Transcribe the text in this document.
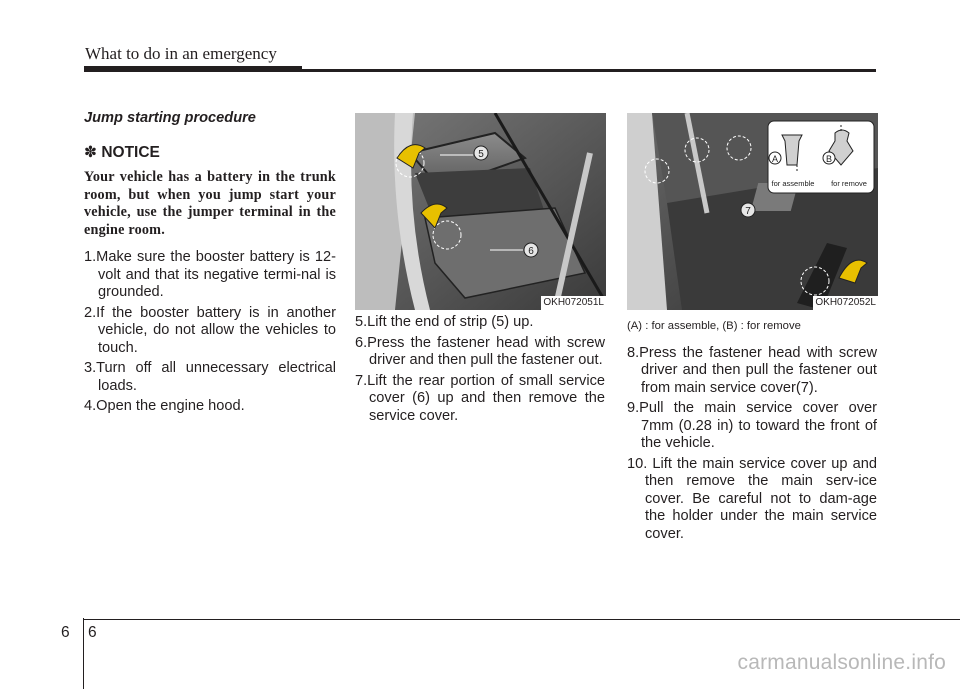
What to do in an emergency
Jump starting procedure
✽ NOTICE

Your vehicle has a battery in the trunk room, but when you jump start your vehicle, use the jumper terminal in the engine room.

1.Make sure the booster battery is 12-volt and that its negative termi-nal is grounded.
2.If the booster battery is in another vehicle, do not allow the vehicles to touch.
3.Turn off all unnecessary electrical loads.
4.Open the engine hood.
5
6
OKH072051L
5.Lift the end of strip (5) up.
6.Press the fastener head with screw driver and then pull the fastener out.
7.Lift the rear portion of small service cover (6) up and then remove the service cover.
7
A	B
for assemble for remove
OKH072052L
(A) : for assemble, (B) : for remove
8.Press the fastener head with screw driver and then pull the fastener out from main service cover(7).
9.Pull the main service cover over 7mm (0.28 in) to toward the front of the vehicle.
10. Lift the main service cover up and then remove the main serv-ice cover. Be careful not to dam-age the holder under the main service cover.
6 6
carmanualsonline.info
